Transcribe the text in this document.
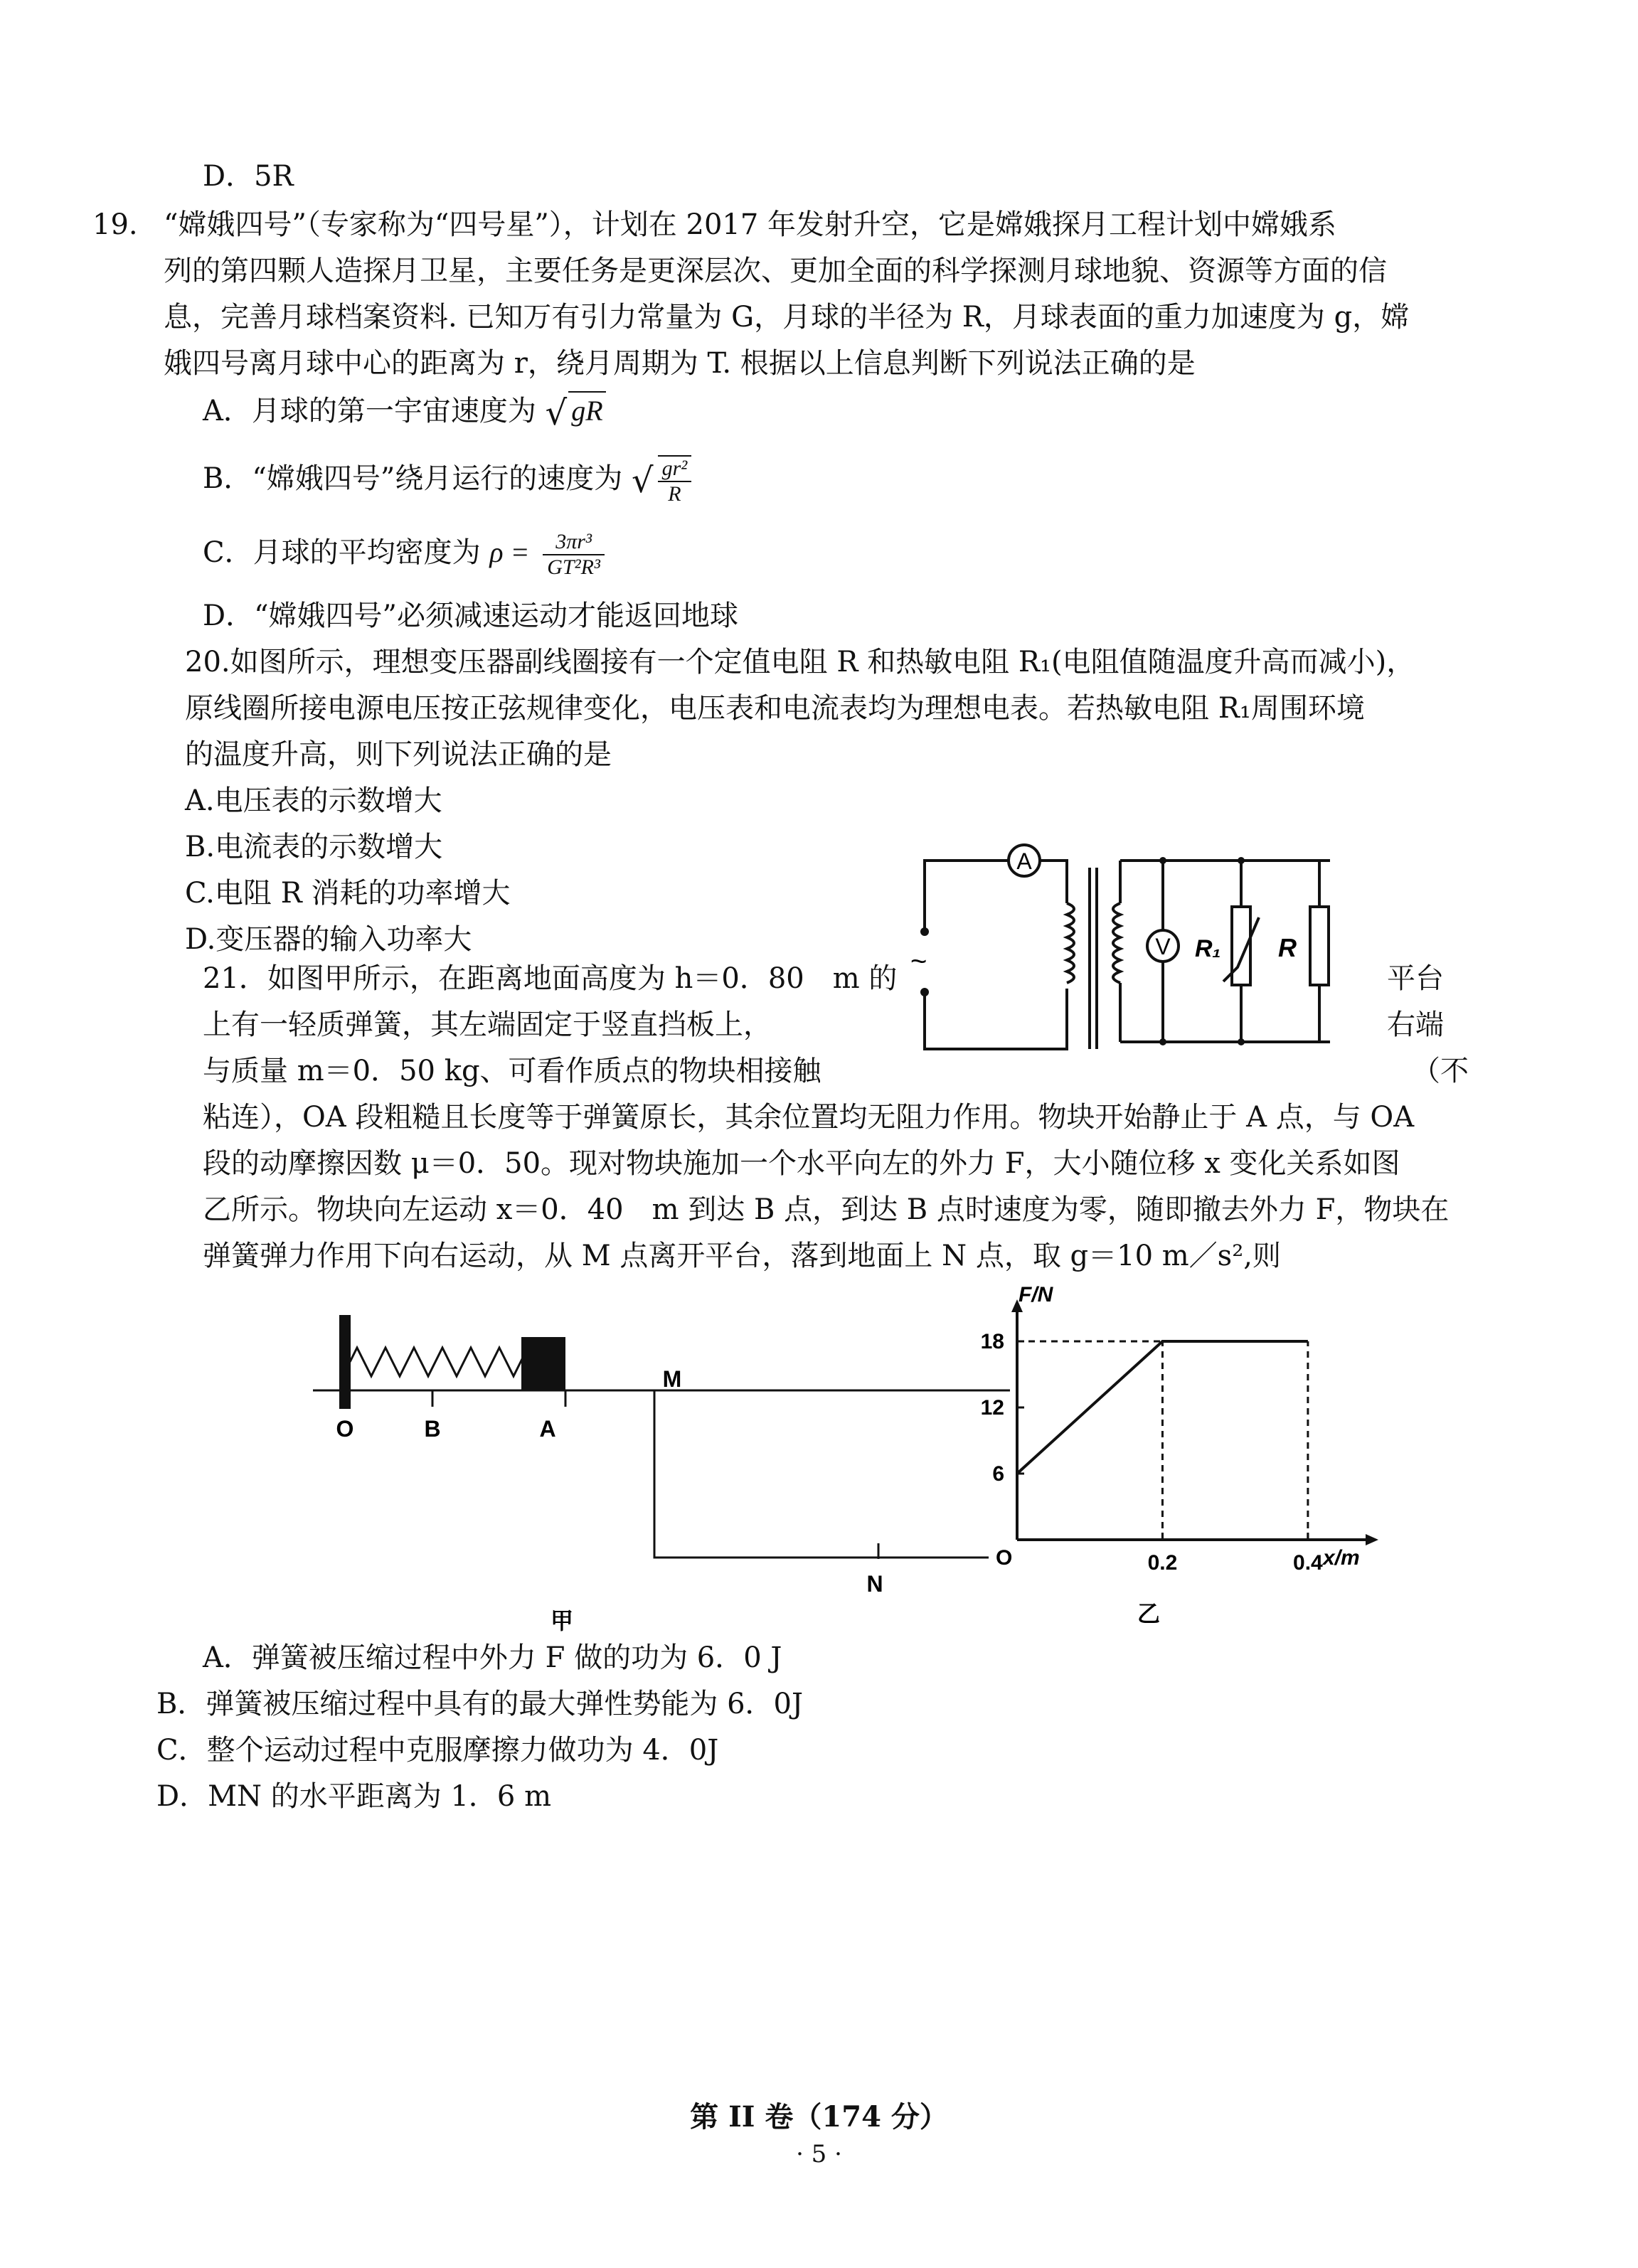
D．5R

19. “嫦娥四号”（专家称为“四号星”），计划在 2017 年发射升空，它是嫦娥探月工程计划中嫦娥系

列的第四颗人造探月卫星，主要任务是更深层次、更加全面的科学探测月球地貌、资源等方面的信

息，完善月球档案资料. 已知万有引力常量为 G，月球的半径为 R，月球表面的重力加速度为 g，嫦

娥四号离月球中心的距离为 r，绕月周期为 T. 根据以上信息判断下列说法正确的是

A．月球的第一宇宙速度为 √ gR
B．“嫦娥四号”绕月运行的速度为 √ $\frac{\text{gr²}}{R}$
C．月球的平均密度为 $\rho = \frac{\text{3πr³}}{\text{GT²R³}}$

D．“嫦娥四号”必须减速运动才能返回地球

20.如图所示，理想变压器副线圈接有一个定值电阻 R 和热敏电阻 R₁(电阻值随温度升高而减小)，

原线圈所接电源电压按正弦规律变化，电压表和电流表均为理想电表。若热敏电阻 R₁周围环境

的温度升高，则下列说法正确的是

A.电压表的示数增大

B.电流表的示数增大

C.电阻 R 消耗的功率增大

D.变压器的输入功率大

A
V
~	R₁ R

21．如图甲所示，在距离地面高度为 h＝0．80　m 的	平台

上有一轻质弹簧，其左端固定于竖直挡板上，	右端

与质量 m＝0．50 kg、可看作质点的物块相接触	（不

粘连），OA 段粗糙且长度等于弹簧原长，其余位置均无阻力作用。物块开始静止于 A 点，与 OA

段的动摩擦因数 μ＝0．50。现对物块施加一个水平向左的外力 F，大小随位移 x 变化关系如图

乙所示。物块向左运动 x＝0．40　m 到达 B 点，到达 B 点时速度为零，随即撤去外力 F，物块在

弹簧弹力作用下向右运动，从 M 点离开平台，落到地面上 N 点，取 g＝10 m／s²,则

O	B	A
M
N
甲
0.2	0.4
6
12
18
F/N
x/m
O
乙

A．弹簧被压缩过程中外力 F 做的功为 6．0 J

B．弹簧被压缩过程中具有的最大弹性势能为 6．0J

C．整个运动过程中克服摩擦力做功为 4．0J

D．MN 的水平距离为 1．6 m

第 II 卷（174 分）

· 5 ·
